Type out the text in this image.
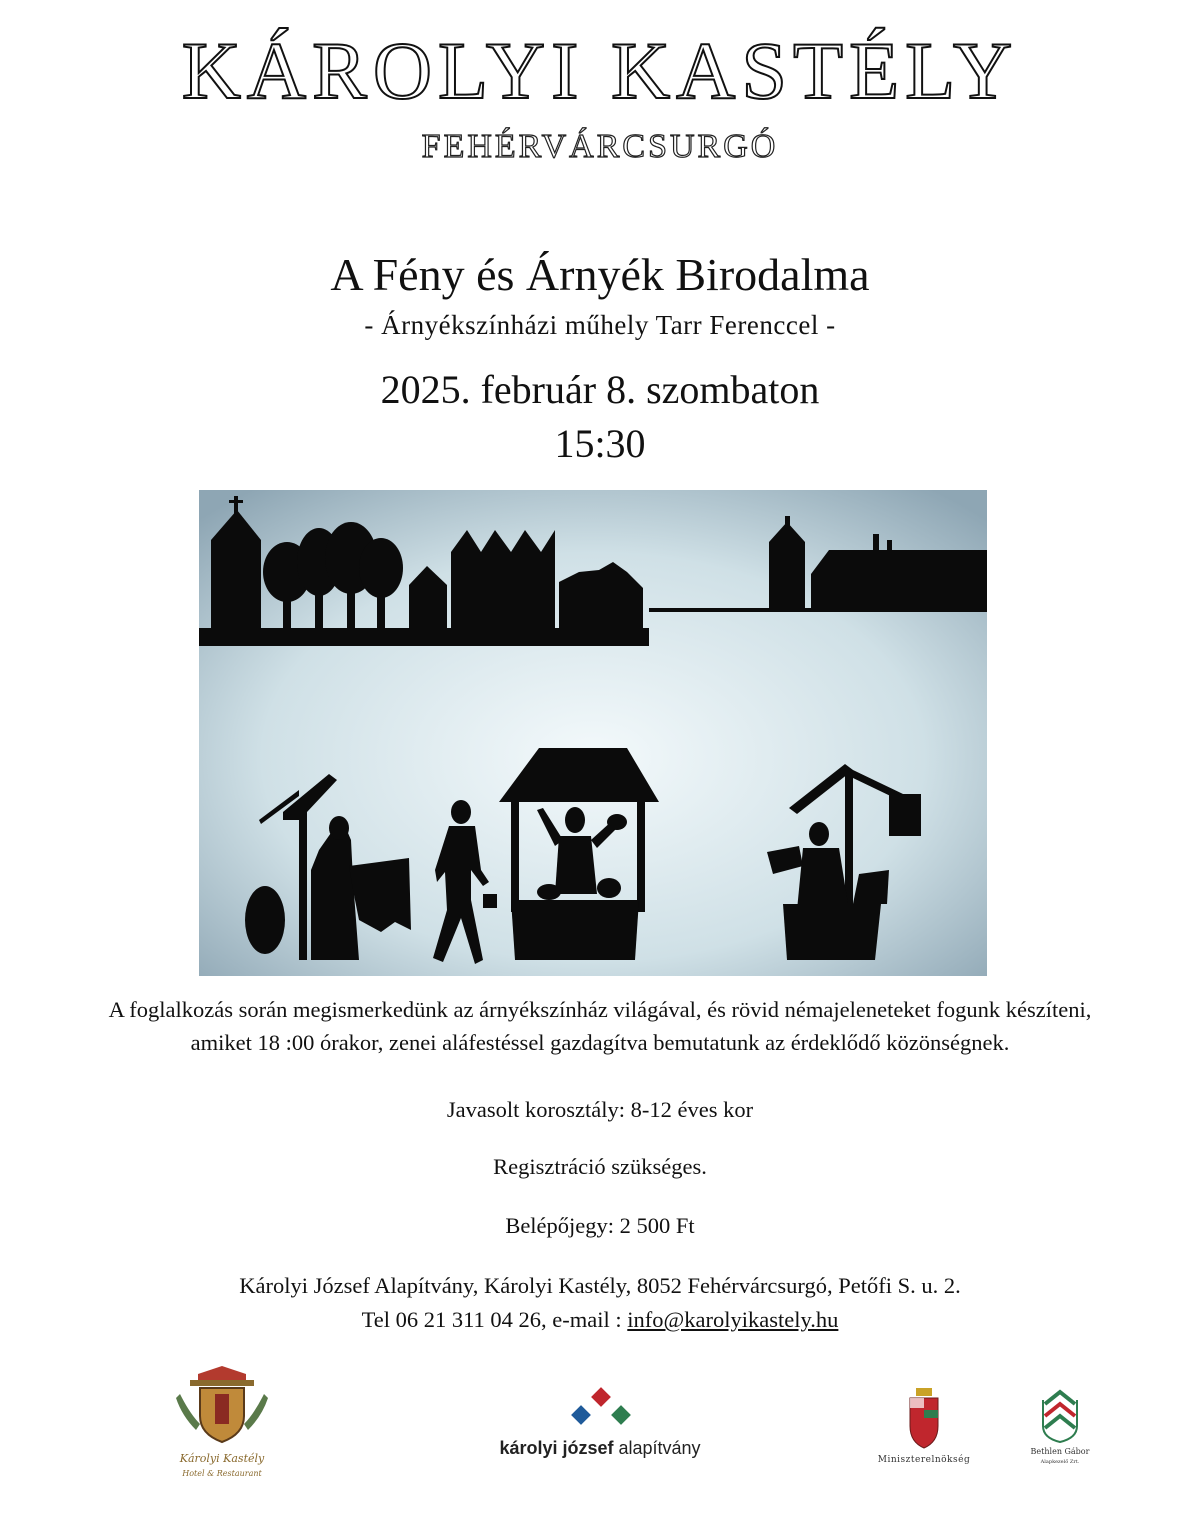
KÁROLYI KASTÉLY
FEHÉRVÁRCSURGÓ
A Fény és Árnyék Birodalma
- Árnyékszínházi műhely Tarr Ferenccel -
2025. február 8. szombaton
15:30
A foglalkozás során megismerkedünk az árnyékszínház világával, és rövid némajeleneteket fogunk készíteni, amiket 18 :00 órakor, zenei aláfestéssel gazdagítva bemutatunk az érdeklődő közönségnek.
Javasolt korosztály: 8-12 éves kor
Regisztráció szükséges.
Belépőjegy: 2 500 Ft
Károlyi József Alapítvány, Károlyi Kastély, 8052 Fehérvárcsurgó, Petőfi S. u. 2.
Tel 06 21 311 04 26, e-mail : info@karolyikastely.hu
Károlyi Kastély
Hotel & Restaurant
károlyi józsef alapítvány
Miniszterelnökség
Bethlen Gábor
Alapkezelő Zrt.
